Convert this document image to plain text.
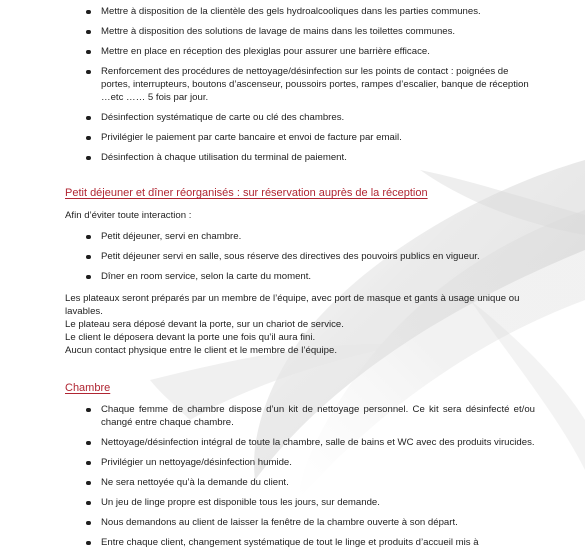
Mettre à disposition de la clientèle des gels hydroalcooliques dans les parties communes.
Mettre à disposition des solutions de lavage de mains dans les toilettes communes.
Mettre en place en réception des plexiglas pour assurer une barrière efficace.
Renforcement des procédures de nettoyage/désinfection sur les points de contact : poignées de portes, interrupteurs, boutons d’ascenseur, poussoirs portes, rampes d’escalier, banque de réception …etc …… 5 fois par jour.
Désinfection systématique de carte ou clé des chambres.
Privilégier le paiement par carte bancaire et envoi de facture par email.
Désinfection à chaque utilisation du terminal de paiement.

Petit déjeuner et dîner réorganisés : sur réservation auprès de la réception

Afin d’éviter toute interaction :

Petit déjeuner, servi en chambre.
Petit déjeuner servi en salle, sous réserve des directives des pouvoirs publics en vigueur.
Dîner en room service, selon la carte du moment.

Les plateaux seront préparés par un membre de l’équipe, avec port de masque et gants à usage unique ou lavables.

Le plateau sera déposé devant la porte, sur un chariot de service.

Le client le déposera devant la porte une fois qu’il aura fini.

Aucun contact physique entre le client et le membre de l’équipe.

Chambre

Chaque femme de chambre dispose d’un kit de nettoyage personnel. Ce kit sera désinfecté et/ou changé entre chaque chambre.
Nettoyage/désinfection intégral de toute la chambre, salle de bains et WC avec des produits virucides.
Privilégier un nettoyage/désinfection humide.
Ne sera nettoyée qu’à la demande du client.
Un jeu de linge propre est disponible tous les jours, sur demande.
Nous demandons au client de laisser la fenêtre de la chambre ouverte à son départ.
Entre chaque client, changement systématique de tout le linge et produits d’accueil mis à
